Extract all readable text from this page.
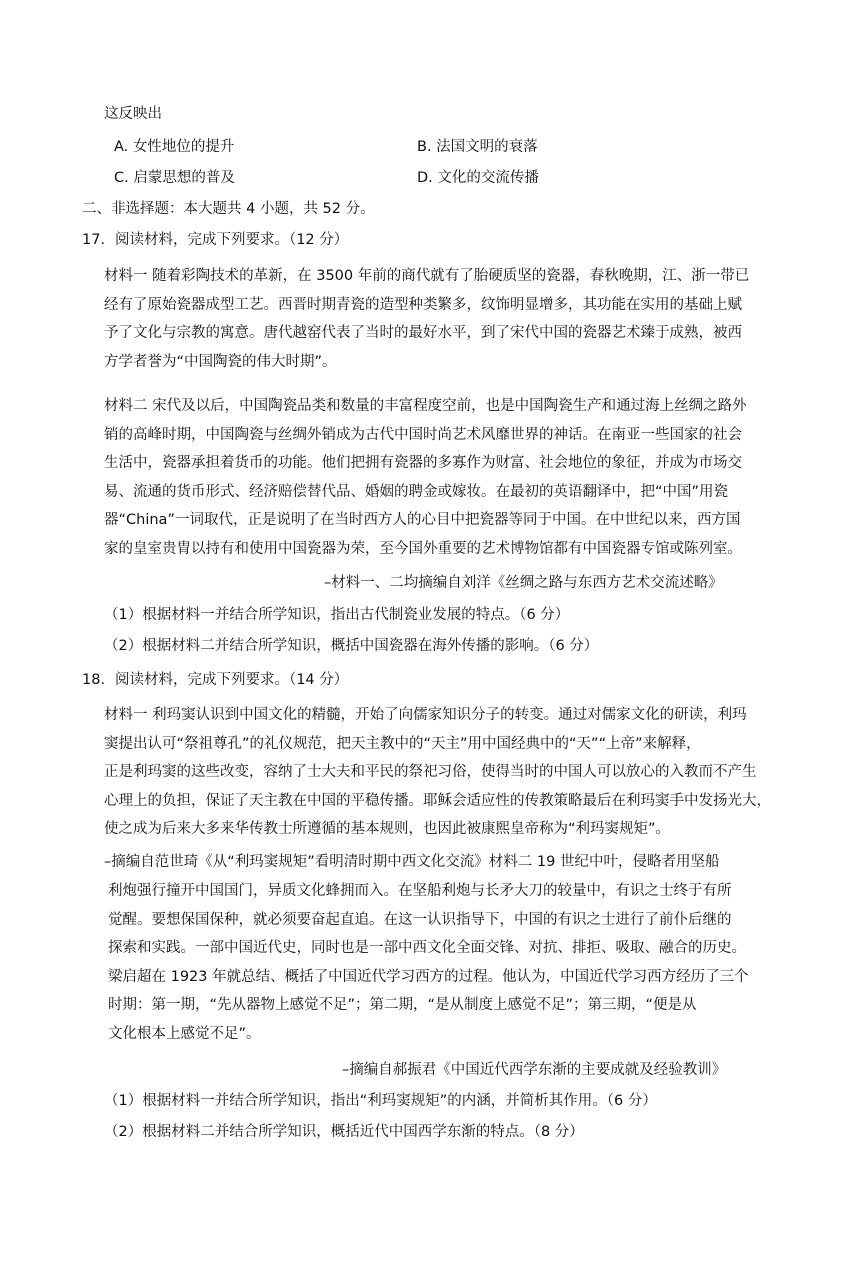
这反映出
A. 女性地位的提升	B. 法国文明的衰落
C. 启蒙思想的普及	D. 文化的交流传播
二、非选择题：本大题共 4 小题，共 52 分。
17．阅读材料，完成下列要求。（12 分）
材料一 随着彩陶技术的革新，在 3500 年前的商代就有了胎硬质坚的瓷器，春秋晚期，江、浙一带已
经有了原始瓷器成型工艺。西晋时期青瓷的造型种类繁多，纹饰明显增多，其功能在实用的基础上赋
予了文化与宗教的寓意。唐代越窑代表了当时的最好水平，到了宋代中国的瓷器艺术臻于成熟，被西
方学者誉为“中国陶瓷的伟大时期”。
材料二 宋代及以后，中国陶瓷品类和数量的丰富程度空前，也是中国陶瓷生产和通过海上丝绸之路外
销的高峰时期，中国陶瓷与丝绸外销成为古代中国时尚艺术风靡世界的神话。在南亚一些国家的社会
生活中，瓷器承担着货币的功能。他们把拥有瓷器的多寡作为财富、社会地位的象征，并成为市场交
易、流通的货币形式、经济赔偿替代品、婚姻的聘金或嫁妆。在最初的英语翻译中，把“中国”用瓷
器“China”一词取代，正是说明了在当时西方人的心目中把瓷器等同于中国。在中世纪以来，西方国
家的皇室贵胄以持有和使用中国瓷器为荣，至今国外重要的艺术博物馆都有中国瓷器专馆或陈列室。
–材料一、二均摘编自刘洋《丝绸之路与东西方艺术交流述略》
（1）根据材料一并结合所学知识，指出古代制瓷业发展的特点。（6 分）
（2）根据材料二并结合所学知识，概括中国瓷器在海外传播的影响。（6 分）
18．阅读材料，完成下列要求。（14 分）
材料一 利玛窦认识到中国文化的精髓，开始了向儒家知识分子的转变。通过对儒家文化的研读，利玛
窦提出认可“祭祖尊孔”的礼仪规范，把天主教中的“天主”用中国经典中的“天”“上帝”来解释，
正是利玛窦的这些改变，容纳了士大夫和平民的祭祀习俗，使得当时的中国人可以放心的入教而不产生
心理上的负担，保证了天主教在中国的平稳传播。耶稣会适应性的传教策略最后在利玛窦手中发扬光大，
使之成为后来大多来华传教士所遵循的基本规则，也因此被康熙皇帝称为“利玛窦规矩”。
–摘编自范世琦《从“利玛窦规矩”看明清时期中西文化交流》材料二 19 世纪中叶，侵略者用坚船
利炮强行撞开中国国门，异质文化蜂拥而入。在坚船利炮与长矛大刀的较量中，有识之士终于有所
觉醒。要想保国保种，就必须要奋起直追。在这一认识指导下，中国的有识之士进行了前仆后继的
探索和实践。一部中国近代史，同时也是一部中西文化全面交锋、对抗、排拒、吸取、融合的历史。
梁启超在 1923 年就总结、概括了中国近代学习西方的过程。他认为，中国近代学习西方经历了三个
时期：第一期，“先从器物上感觉不足”；第二期，“是从制度上感觉不足”；第三期，“便是从
文化根本上感觉不足”。
–摘编自郝振君《中国近代西学东渐的主要成就及经验教训》
（1）根据材料一并结合所学知识，指出“利玛窦规矩”的内涵，并简析其作用。（6 分）
（2）根据材料二并结合所学知识，概括近代中国西学东渐的特点。（8 分）
